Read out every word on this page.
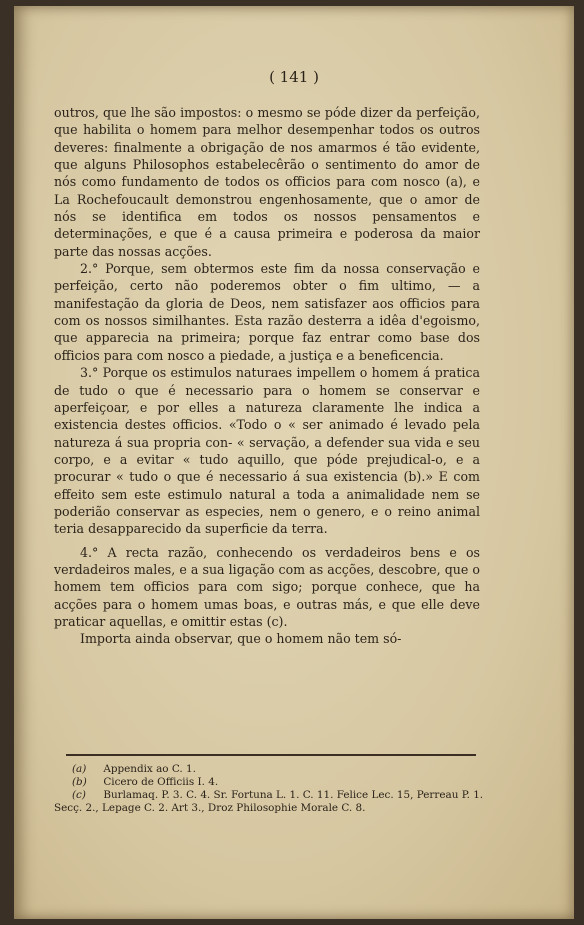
( 141 )

outros, que lhe são impostos: o mesmo se póde dizer da perfeição, que habilita o homem para melhor desempenhar todos os outros deveres: finalmente a obrigação de nos amarmos é tão evidente, que alguns Philosophos estabelecêrão o sentimento do amor de nós como fundamento de todos os officios para com nosco (a), e La Rochefoucault demonstrou engenhosamente, que o amor de nós se identifica em todos os nossos pensamentos e determinações, e que é a causa primeira e poderosa da maior parte das nossas acções.

2.° Porque, sem obtermos este fim da nossa conservação e perfeição, certo não poderemos obter o fim ultimo, — a manifestação da gloria de Deos, nem satisfazer aos officios para com os nossos similhantes. Esta razão desterra a idêa d'egoismo, que apparecia na primeira; porque faz entrar como base dos officios para com nosco a piedade, a justiça e a beneficencia.

3.° Porque os estimulos naturaes impellem o homem á pratica de tudo o que é necessario para o homem se conservar e aperfeiçoar, e por elles a natureza claramente lhe indica a existencia destes officios. «Todo o « ser animado é levado pela natureza á sua propria con- « servação, a defender sua vida e seu corpo, e a evitar « tudo aquillo, que póde prejudical-o, e a procurar « tudo o que é necessario á sua existencia (b).» E com effeito sem este estimulo natural a toda a animalidade nem se poderião conservar as especies, nem o genero, e o reino animal teria desapparecido da superficie da terra.

4.° A recta razão, conhecendo os verdadeiros bens e os verdadeiros males, e a sua ligação com as acções, descobre, que o homem tem officios para com sigo; porque conhece, que ha acções para o homem umas boas, e outras más, e que elle deve praticar aquellas, e omittir estas (c).

Importa ainda observar, que o homem não tem só-

(a) Appendix ao C. 1.
(b) Cicero de Officiis I. 4.
(c) Burlamaq. P. 3. C. 4. Sr. Fortuna L. 1. C. 11. Felice Lec. 15, Perreau P. 1. Secç. 2., Lepage C. 2. Art 3., Droz Philosophie Morale C. 8.
